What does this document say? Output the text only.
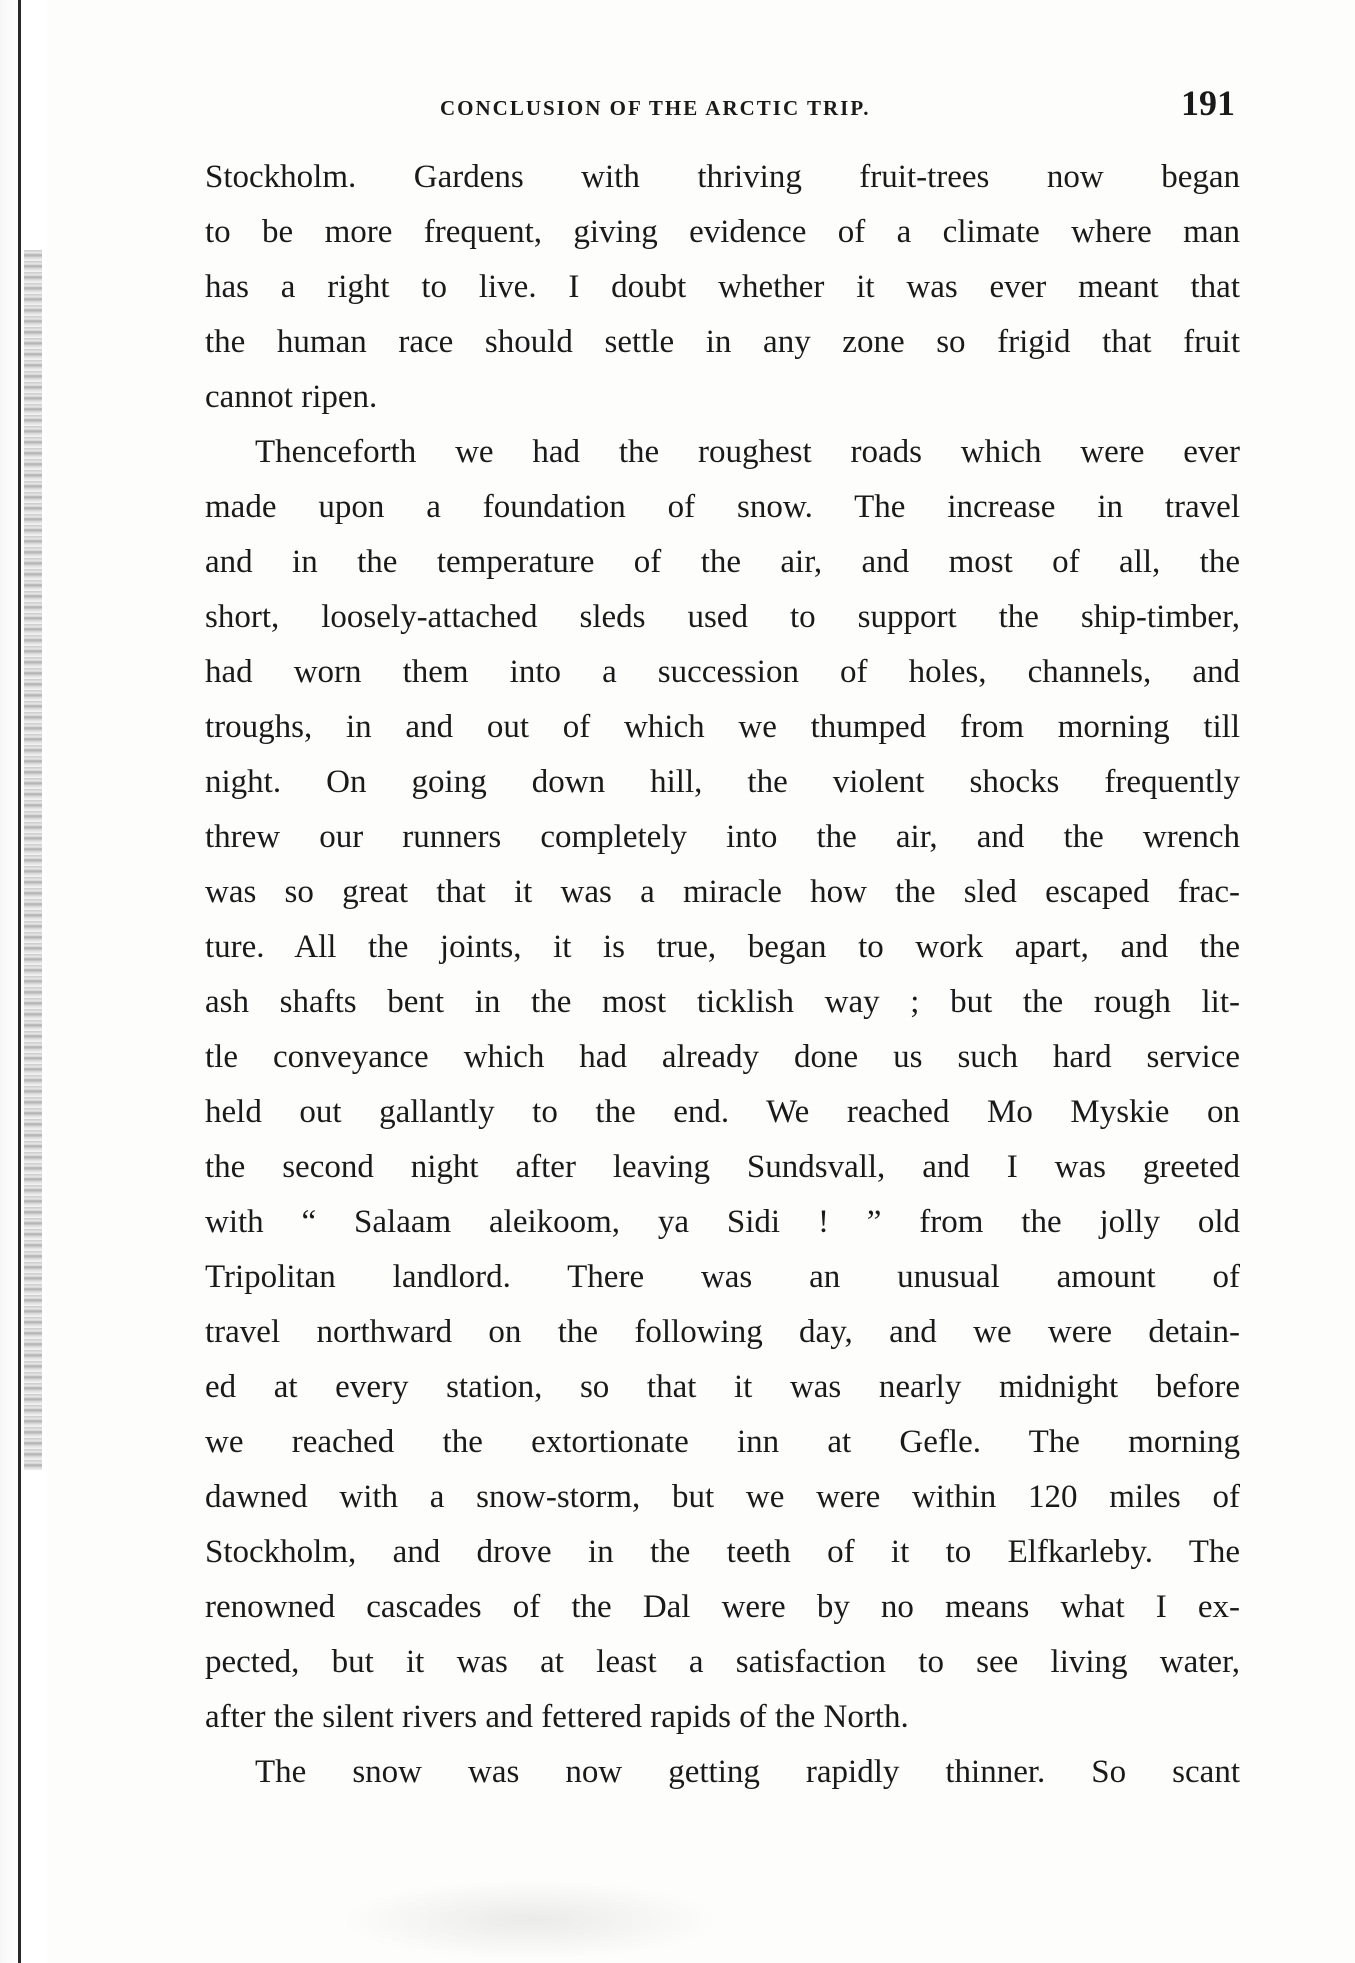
CONCLUSION OF THE ARCTIC TRIP.	191
Stockholm. Gardens with thriving fruit-trees now began
to be more frequent, giving evidence of a climate where man
has a right to live. I doubt whether it was ever meant that
the human race should settle in any zone so frigid that fruit
cannot ripen.
Thenceforth we had the roughest roads which were ever
made upon a foundation of snow. The increase in travel
and in the temperature of the air, and most of all, the
short, loosely-attached sleds used to support the ship-timber,
had worn them into a succession of holes, channels, and
troughs, in and out of which we thumped from morning till
night. On going down hill, the violent shocks frequently
threw our runners completely into the air, and the wrench
was so great that it was a miracle how the sled escaped frac-
ture. All the joints, it is true, began to work apart, and the
ash shafts bent in the most ticklish way ; but the rough lit-
tle conveyance which had already done us such hard service
held out gallantly to the end. We reached Mo Myskie on
the second night after leaving Sundsvall, and I was greeted
with “ Salaam aleikoom, ya Sidi ! ” from the jolly old
Tripolitan landlord. There was an unusual amount of
travel northward on the following day, and we were detain-
ed at every station, so that it was nearly midnight before
we reached the extortionate inn at Gefle. The morning
dawned with a snow-storm, but we were within 120 miles of
Stockholm, and drove in the teeth of it to Elfkarleby. The
renowned cascades of the Dal were by no means what I ex-
pected, but it was at least a satisfaction to see living water,
after the silent rivers and fettered rapids of the North.
The snow was now getting rapidly thinner. So scant
